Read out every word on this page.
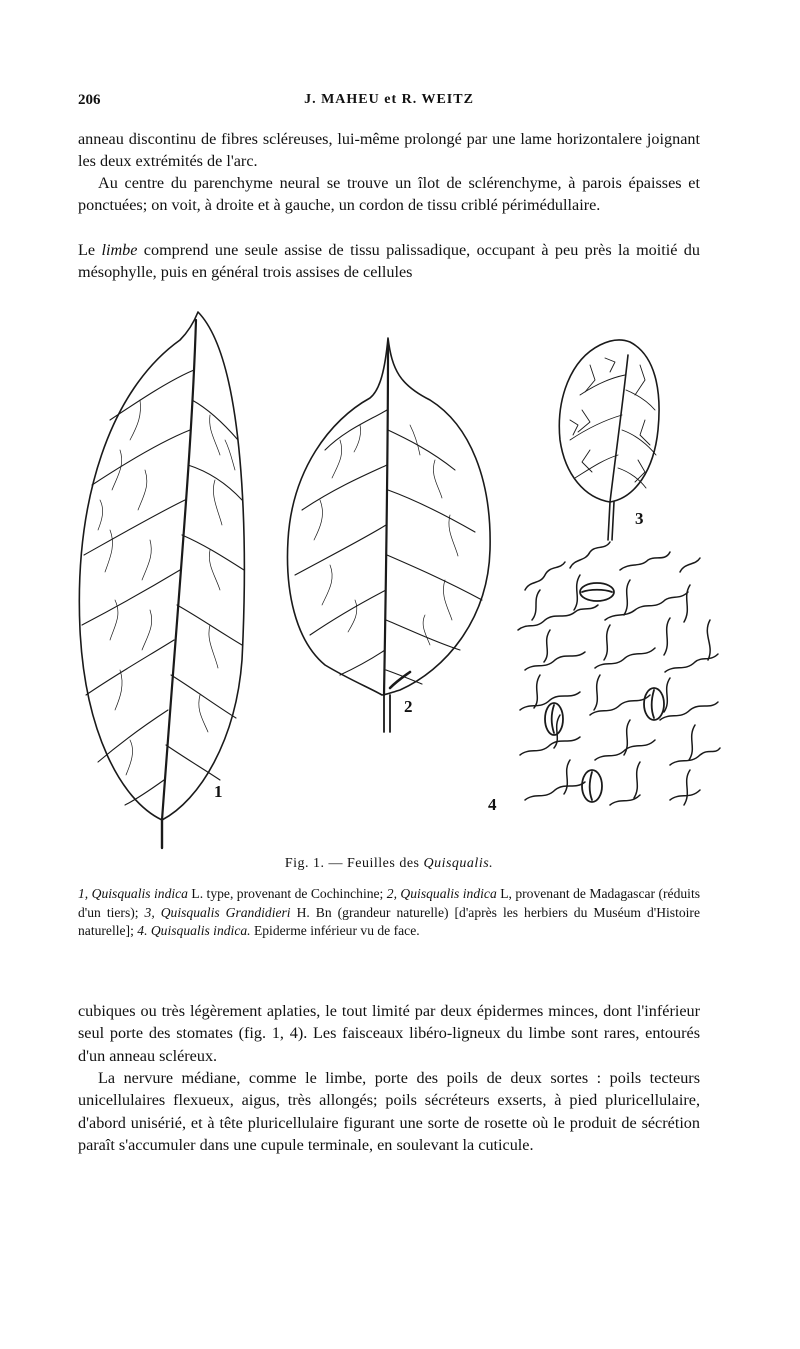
206	J. MAHEU et R. WEITZ

anneau discontinu de fibres scléreuses, lui-même prolongé par une lame horizontalere joignant les deux extrémités de l'arc.

Au centre du parenchyme neural se trouve un îlot de sclérenchyme, à parois épaisses et ponctuées; on voit, à droite et à gauche, un cordon de tissu criblé périmédullaire.

Le limbe comprend une seule assise de tissu palissadique, occupant à peu près la moitié du mésophylle, puis en général trois assises de cellules

1
2
3
4

Fig. 1. — Feuilles des Quisqualis.

1, Quisqualis indica L. type, provenant de Cochinchine; 2, Quisqualis indica L, provenant de Madagascar (réduits d'un tiers); 3, Quisqualis Grandidieri H. Bn (grandeur naturelle) [d'après les herbiers du Muséum d'Histoire naturelle]; 4. Quisqualis indica. Epiderme inférieur vu de face.

cubiques ou très légèrement aplaties, le tout limité par deux épidermes minces, dont l'inférieur seul porte des stomates (fig. 1, 4). Les faisceaux libéro-ligneux du limbe sont rares, entourés d'un anneau scléreux.

La nervure médiane, comme le limbe, porte des poils de deux sortes : poils tecteurs unicellulaires flexueux, aigus, très allongés; poils sécréteurs exserts, à pied pluricellulaire, d'abord unisérié, et à tête pluricellulaire figurant une sorte de rosette où le produit de sécrétion paraît s'accumuler dans une cupule terminale, en soulevant la cuticule.
